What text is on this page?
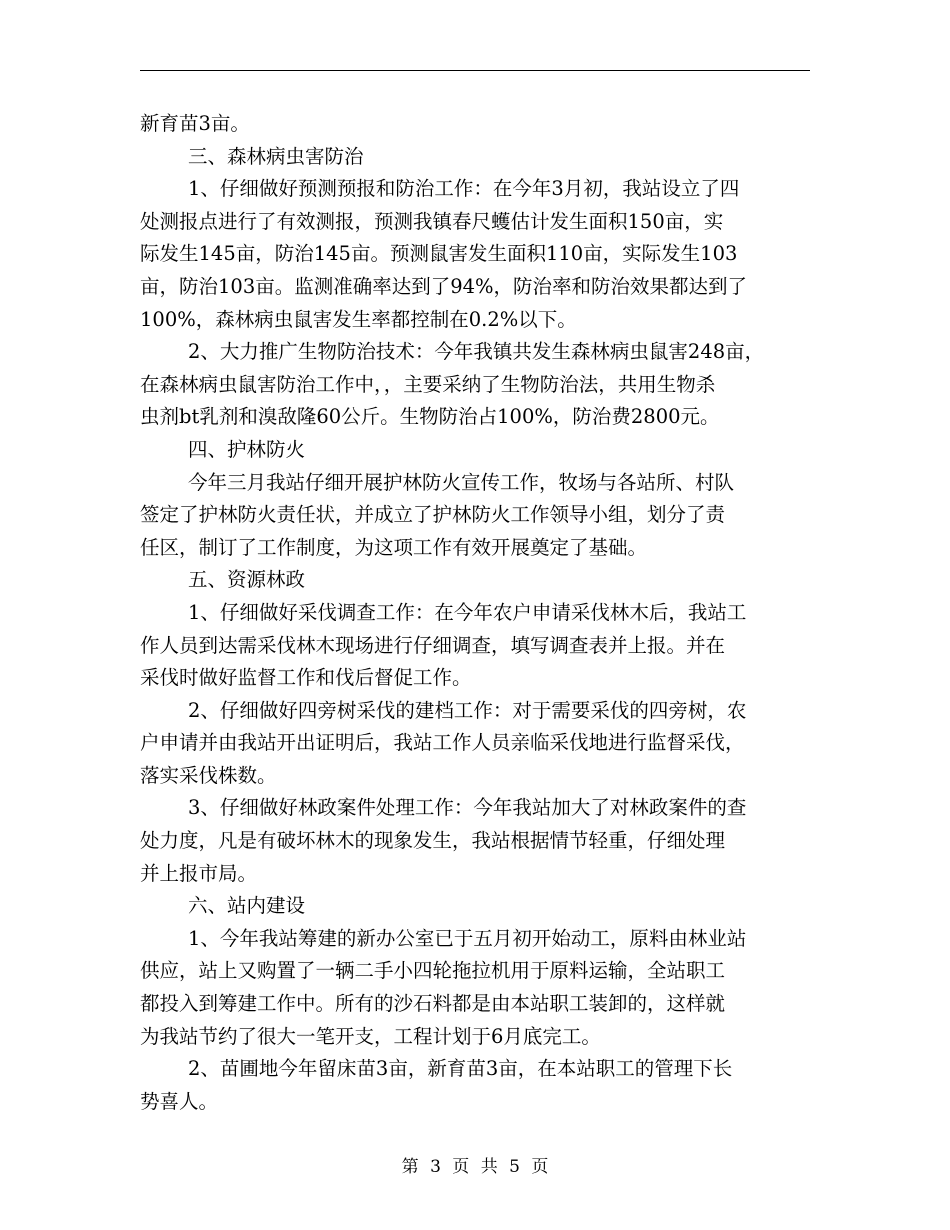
新育苗3亩。
三、森林病虫害防治
1、仔细做好预测预报和防治工作：在今年3月初，我站设立了四
处测报点进行了有效测报，预测我镇春尺蠖估计发生面积150亩，实
际发生145亩，防治145亩。预测鼠害发生面积110亩，实际发生103
亩，防治103亩。监测准确率达到了94%，防治率和防治效果都达到了
100%，森林病虫鼠害发生率都控制在0.2%以下。
2、大力推广生物防治技术：今年我镇共发生森林病虫鼠害248亩，
在森林病虫鼠害防治工作中，，主要采纳了生物防治法，共用生物杀
虫剂bt乳剂和溴敌隆60公斤。生物防治占100%，防治费2800元。
四、护林防火
今年三月我站仔细开展护林防火宣传工作，牧场与各站所、村队
签定了护林防火责任状，并成立了护林防火工作领导小组，划分了责
任区，制订了工作制度，为这项工作有效开展奠定了基础。
五、资源林政
1、仔细做好采伐调查工作：在今年农户申请采伐林木后，我站工
作人员到达需采伐林木现场进行仔细调查，填写调查表并上报。并在
采伐时做好监督工作和伐后督促工作。
2、仔细做好四旁树采伐的建档工作：对于需要采伐的四旁树，农
户申请并由我站开出证明后，我站工作人员亲临采伐地进行监督采伐，
落实采伐株数。
3、仔细做好林政案件处理工作：今年我站加大了对林政案件的查
处力度，凡是有破坏林木的现象发生，我站根据情节轻重，仔细处理
并上报市局。
六、站内建设
1、今年我站筹建的新办公室已于五月初开始动工，原料由林业站
供应，站上又购置了一辆二手小四轮拖拉机用于原料运输，全站职工
都投入到筹建工作中。所有的沙石料都是由本站职工装卸的，这样就
为我站节约了很大一笔开支，工程计划于6月底完工。
2、苗圃地今年留床苗3亩，新育苗3亩，在本站职工的管理下长
势喜人。
第 3 页 共 5 页
